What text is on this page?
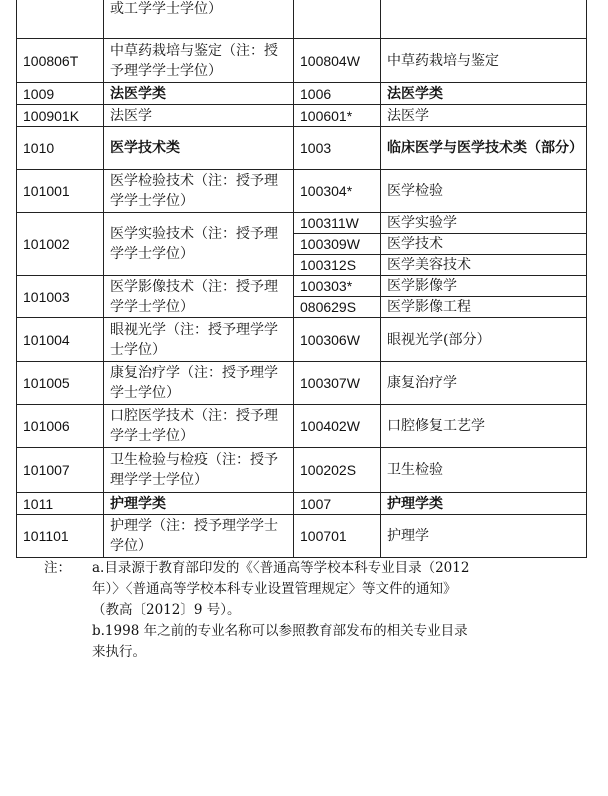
	或工学学士学位）		
100806T	中草药栽培与鉴定（注：授予理学学士学位）	100804W	中草药栽培与鉴定
1009	法医学类	1006	法医学类
100901K	法医学	100601*	法医学
1010	医学技术类	1003	临床医学与医学技术类（部分）
101001	医学检验技术（注：授予理学学士学位）	100304*	医学检验
101002	医学实验技术（注：授予理学学士学位）	100311W	医学实验学
		100309W	医学技术
		100312S	医学美容技术
101003	医学影像技术（注：授予理学学士学位）	100303*	医学影像学
		080629S	医学影像工程
101004	眼视光学（注：授予理学学士学位）	100306W	眼视光学(部分）
101005	康复治疗学（注：授予理学学士学位）	100307W	康复治疗学
101006	口腔医学技术（注：授予理学学士学位）	100402W	口腔修复工艺学
101007	卫生检验与检疫（注：授予理学学士学位）	100202S	卫生检验
1011	护理学类	1007	护理学类
101101	护理学（注：授予理学学士学位）	100701	护理学
注：	a.目录源于教育部印发的《〈普通高等学校本科专业目录（2012
年）〉〈普通高等学校本科专业设置管理规定〉等文件的通知》
（教高〔2012〕9 号）。
b.1998 年之前的专业名称可以参照教育部发布的相关专业目录
来执行。
